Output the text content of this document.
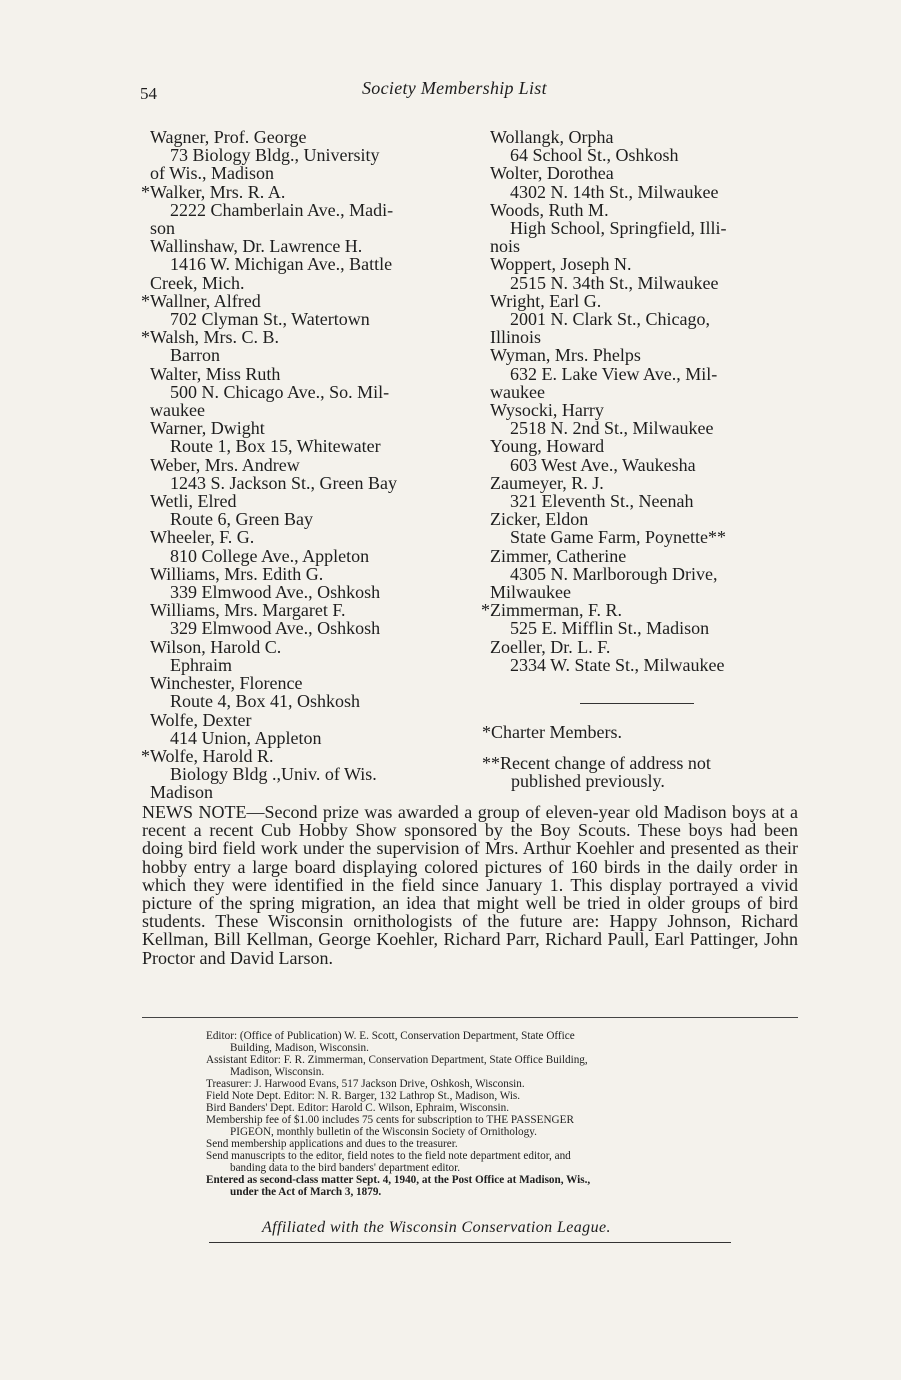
54	Society Membership List
Wagner, Prof. George
73 Biology Bldg., University
of Wis., Madison
*Walker, Mrs. R. A.
2222 Chamberlain Ave., Madi-
son
Wallinshaw, Dr. Lawrence H.
1416 W. Michigan Ave., Battle
Creek, Mich.
*Wallner, Alfred
702 Clyman St., Watertown
*Walsh, Mrs. C. B.
Barron
Walter, Miss Ruth
500 N. Chicago Ave., So. Mil-
waukee
Warner, Dwight
Route 1, Box 15, Whitewater
Weber, Mrs. Andrew
1243 S. Jackson St., Green Bay
Wetli, Elred
Route 6, Green Bay
Wheeler, F. G.
810 College Ave., Appleton
Williams, Mrs. Edith G.
339 Elmwood Ave., Oshkosh
Williams, Mrs. Margaret F.
329 Elmwood Ave., Oshkosh
Wilson, Harold C.
Ephraim
Winchester, Florence
Route 4, Box 41, Oshkosh
Wolfe, Dexter
414 Union, Appleton
*Wolfe, Harold R.
Biology Bldg .,Univ. of Wis.
Madison
Wollangk, Orpha
64 School St., Oshkosh
Wolter, Dorothea
4302 N. 14th St., Milwaukee
Woods, Ruth M.
High School, Springfield, Illi-
nois
Woppert, Joseph N.
2515 N. 34th St., Milwaukee
Wright, Earl G.
2001 N. Clark St., Chicago,
Illinois
Wyman, Mrs. Phelps
632 E. Lake View Ave., Mil-
waukee
Wysocki, Harry
2518 N. 2nd St., Milwaukee
Young, Howard
603 West Ave., Waukesha
Zaumeyer, R. J.
321 Eleventh St., Neenah
Zicker, Eldon
State Game Farm, Poynette**
Zimmer, Catherine
4305 N. Marlborough Drive,
Milwaukee
*Zimmerman, F. R.
525 E. Mifflin St., Madison
Zoeller, Dr. L. F.
2334 W. State St., Milwaukee
*Charter Members.
**Recent change of address not
published previously.
NEWS NOTE—Second prize was awarded a group of eleven-year old Madison boys at a recent a recent Cub Hobby Show sponsored by the Boy Scouts. These boys had been doing bird field work under the supervision of Mrs. Arthur Koehler and presented as their hobby entry a large board displaying colored pictures of 160 birds in the daily order in which they were identified in the field since January 1. This display portrayed a vivid picture of the spring migration, an idea that might well be tried in older groups of bird students. These Wisconsin ornithologists of the future are: Happy Johnson, Richard Kellman, Bill Kellman, George Koehler, Richard Parr, Richard Paull, Earl Pattinger, John Proctor and David Larson.

Editor: (Office of Publication) W. E. Scott, Conservation Department, State Office
Building, Madison, Wisconsin.

Assistant Editor: F. R. Zimmerman, Conservation Department, State Office Building,
Madison, Wisconsin.

Treasurer: J. Harwood Evans, 517 Jackson Drive, Oshkosh, Wisconsin.

Field Note Dept. Editor: N. R. Barger, 132 Lathrop St., Madison, Wis.

Bird Banders' Dept. Editor: Harold C. Wilson, Ephraim, Wisconsin.

Membership fee of $1.00 includes 75 cents for subscription to THE PASSENGER
PIGEON, monthly bulletin of the Wisconsin Society of Ornithology.

Send membership applications and dues to the treasurer.

Send manuscripts to the editor, field notes to the field note department editor, and
banding data to the bird banders' department editor.

Entered as second-class matter Sept. 4, 1940, at the Post Office at Madison, Wis.,
under the Act of March 3, 1879.

Affiliated with the Wisconsin Conservation League.
